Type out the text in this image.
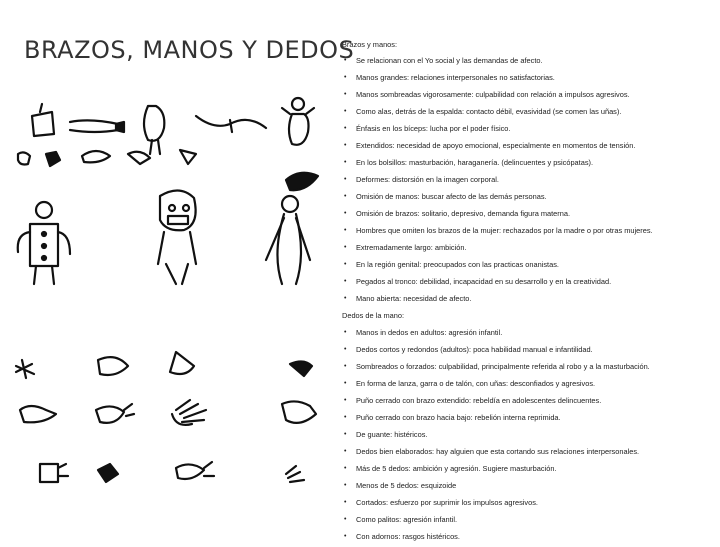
BRAZOS, MANOS Y DEDOS
Brazos y manos:
• Se relacionan con el Yo social y las demandas de afecto.
• Manos grandes: relaciones interpersonales no satisfactorias.
• Manos sombreadas vigorosamente: culpabilidad con relación a impulsos agresivos.
• Como alas, detrás de la espalda: contacto débil, evasividad (se comen las uñas).
• Énfasis en los bíceps: lucha por el poder físico.
• Extendidos: necesidad de apoyo emocional, especialmente en momentos de tensión.
• En los bolsillos: masturbación, haraganería. (delincuentes y psicópatas).
• Deformes: distorsión en la imagen corporal.
• Omisión de manos: buscar afecto de las demás personas.
• Omisión de brazos: solitario, depresivo, demanda figura materna.
• Hombres que omiten los brazos de la mujer: rechazados por la madre o por otras mujeres.
• Extremadamente largo: ambición.
• En la región genital: preocupados con las practicas onanistas.
• Pegados al tronco: debilidad, incapacidad en su desarrollo y en la creatividad.
• Mano abierta: necesidad de afecto.
Dedos de la mano:
• Manos in dedos en adultos: agresión infantil.
• Dedos cortos y redondos (adultos): poca habilidad manual e infantilidad.
• Sombreados o forzados: culpabilidad, principalmente referida al robo y a la masturbación.
• En forma de lanza, garra o de talón, con uñas: desconfiados y agresivos.
• Puño cerrado con brazo extendido: rebeldía en adolescentes delincuentes.
• Puño cerrado con brazo hacia bajo: rebelión interna reprimida.
• De guante: histéricos.
• Dedos bien elaborados: hay alguien que esta cortando sus relaciones interpersonales.
• Más de 5 dedos: ambición y agresión. Sugiere masturbación.
• Menos de 5 dedos: esquizoide
• Cortados: esfuerzo por suprimir los impulsos agresivos.
• Como palitos: agresión infantil.
• Con adornos: rasgos histéricos.
